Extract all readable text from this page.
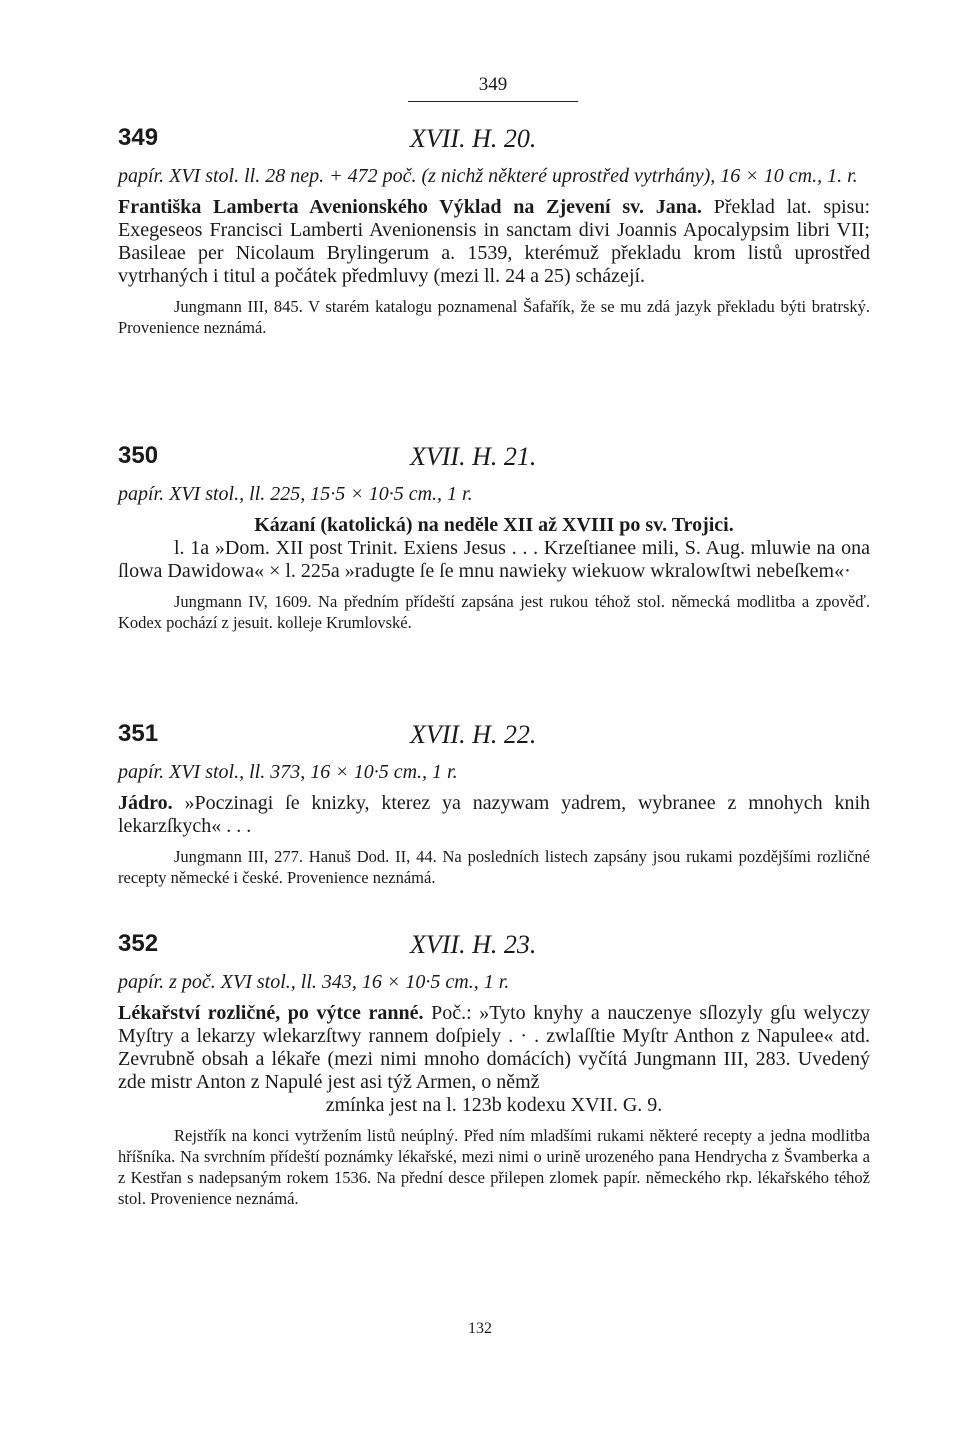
349
349	XVII. H. 20.
papír. XVI stol. ll. 28 nep. + 472 poč. (z nichž některé uprostřed vytrhány), 16 × 10 cm., 1. r.
Františka Lamberta Avenionského Výklad na Zjevení sv. Jana. Překlad lat. spisu: Exegeseos Francisci Lamberti Avenionensis in sanctam divi Joannis Apocalypsim libri VII; Basileae per Nicolaum Brylingerum a. 1539, kterémuž překladu krom listů uprostřed vytrhaných i titul a počátek předmluvy (mezi ll. 24 a 25) scházejí.
Jungmann III, 845. V starém katalogu poznamenal Šafařík, že se mu zdá jazyk překladu býti bratrský. Provenience neznámá.
350	XVII. H. 21.
papír. XVI stol., ll. 225, 15·5 × 10·5 cm., 1 r.
Kázaní (katolická) na neděle XII až XVIII po sv. Trojici.
l. 1a »Dom. XII post Trinit. Exiens Jesus . . . Krzeſtianee mili, S. Aug. mluwie na ona ſlowa Dawidowa« × l. 225a »radugte ſe ſe mnu nawieky wiekuow wkralowſtwi nebeſkem«·
Jungmann IV, 1609. Na předním přídeští zapsána jest rukou téhož stol. německá modlitba a zpověď. Kodex pochází z jesuit. kolleje Krumlovské.
351	XVII. H. 22.
papír. XVI stol., ll. 373, 16 × 10·5 cm., 1 r.
Jádro. »Poczinagi ſe knizky, kterez ya nazywam yadrem, wybranee z mnohych knih lekarzſkych« . . .
Jungmann III, 277. Hanuš Dod. II, 44. Na posledních listech zapsány jsou rukami pozdějšími rozličné recepty německé i české. Provenience neznámá.
352	XVII. H. 23.
papír. z poč. XVI stol., ll. 343, 16 × 10·5 cm., 1 r.
Lékařství rozličné, po výtce ranné. Poč.: »Tyto knyhy a nauczenye sſlozyly gſu welyczy Myſtry a lekarzy wlekarzſtwy rannem doſpiely . · . zwlaſſtie Myſtr Anthon z Napulee« atd. Zevrubně obsah a lékaře (mezi nimi mnoho domácích) vyčítá Jungmann III, 283. Uvedený zde mistr Anton z Napulé jest asi týž Armen, o němž
zmínka jest na l. 123b kodexu XVII. G. 9.
Rejstřík na konci vytržením listů neúplný. Před ním mladšími rukami některé recepty a jedna modlitba hříšníka. Na svrchním přídeští poznámky lékařské, mezi nimi o urině urozeného pana Hendrycha z Švamberka a z Kestřan s nadepsaným rokem 1536. Na přední desce přilepen zlomek papír. německého rkp. lékařského téhož stol. Provenience neznámá.
132
